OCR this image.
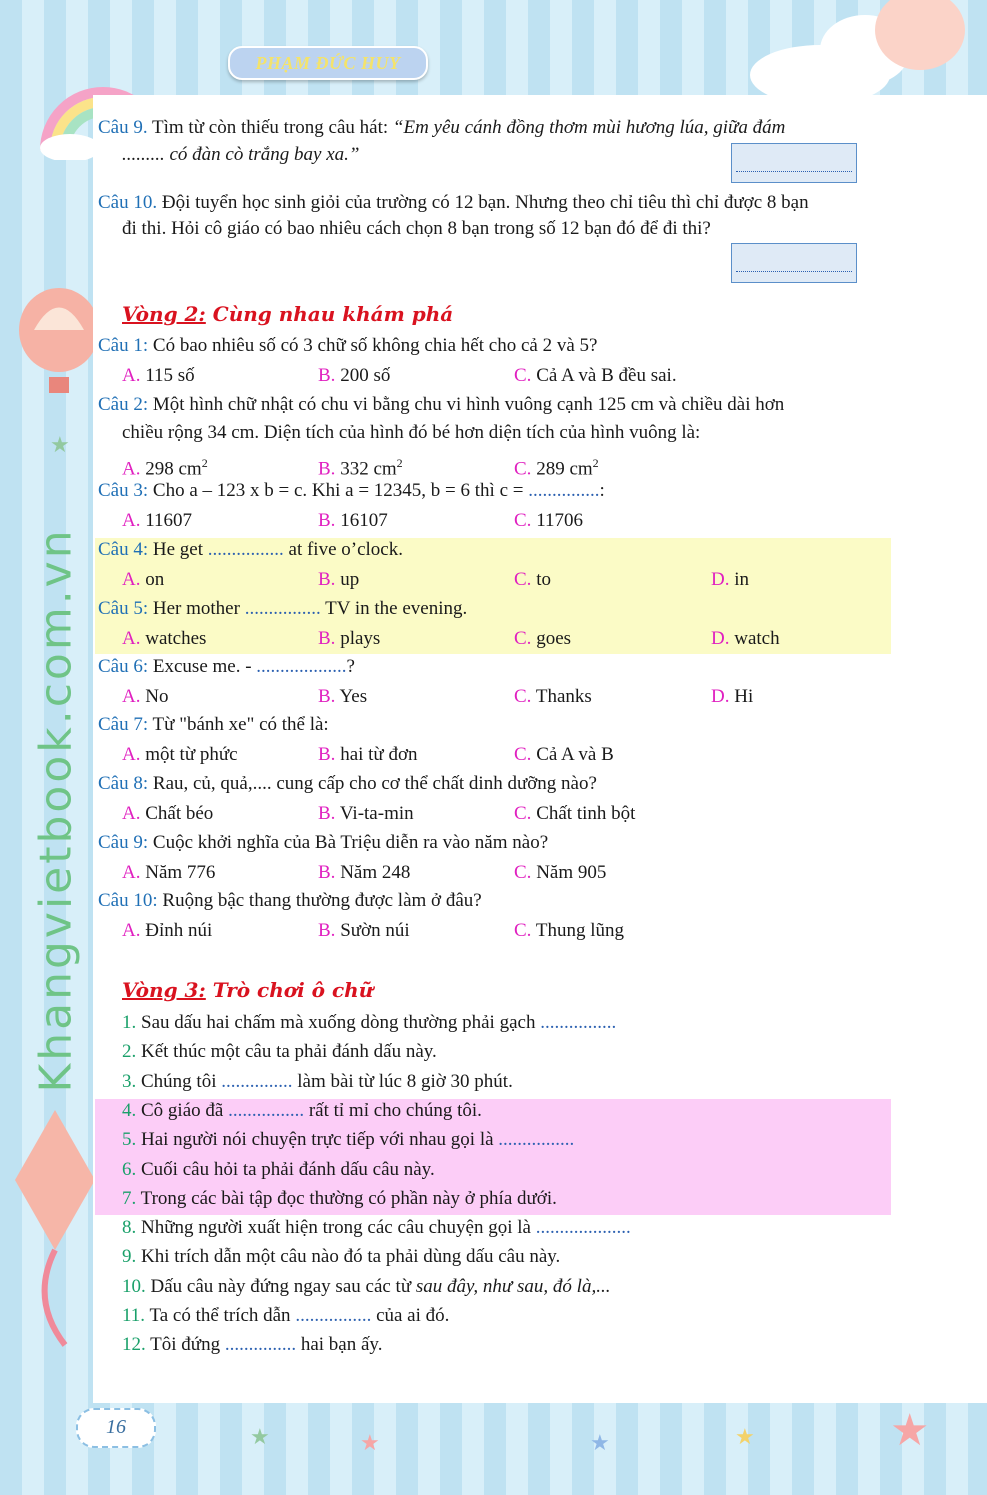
★
★	★	★	★	★
PHẠM ĐỨC HUY
Khangvietbook.com.vn
Câu 9. Tìm từ còn thiếu trong câu hát: “Em yêu cánh đồng thơm mùi hương lúa, giữa đám
......... có đàn cò trắng bay xa.”
Câu 10. Đội tuyển học sinh giỏi của trường có 12 bạn. Nhưng theo chỉ tiêu thì chỉ được 8 bạn
đi thi. Hỏi cô giáo có bao nhiêu cách chọn 8 bạn trong số 12 bạn đó để đi thi?
Vòng 2: Cùng nhau khám phá
Câu 1: Có bao nhiêu số có 3 chữ số không chia hết cho cả 2 và 5?
A. 115 số	B. 200 số	C. Cả A và B đều sai.
Câu 2: Một hình chữ nhật có chu vi bằng chu vi hình vuông cạnh 125 cm và chiều dài hơn
chiều rộng 34 cm. Diện tích của hình đó bé hơn diện tích của hình vuông là:
A. 298 $cm^2$	B. 332 $cm^2$	C. 289 $cm^2$
Câu 3: Cho a – 123 x b = c. Khi a = 12345, b = 6 thì c = ...............:
A. 11607	B. 16107	C. 11706
Câu 4: He get ................ at five o’clock.
A. on	B. up	C. to	D. in
Câu 5: Her mother ................ TV in the evening.
A. watches	B. plays	C. goes	D. watch
Câu 6: Excuse me. - ...................?
A. No	B. Yes	C. Thanks	D. Hi
Câu 7: Từ "bánh xe" có thể là:
A. một từ phức	B. hai từ đơn	C. Cả A và B
Câu 8: Rau, củ, quả,.... cung cấp cho cơ thể chất dinh dưỡng nào?
A. Chất béo	B. Vi-ta-min	C. Chất tinh bột
Câu 9: Cuộc khởi nghĩa của Bà Triệu diễn ra vào năm nào?
A. Năm 776	B. Năm 248	C. Năm 905
Câu 10: Ruộng bậc thang thường được làm ở đâu?
A. Đỉnh núi	B. Sườn núi	C. Thung lũng
Vòng 3: Trò chơi ô chữ
1. Sau dấu hai chấm mà xuống dòng thường phải gạch ................
2. Kết thúc một câu ta phải đánh dấu này.
3. Chúng tôi ............... làm bài từ lúc 8 giờ 30 phút.
4. Cô giáo đã ................ rất tỉ mỉ cho chúng tôi.
5. Hai người nói chuyện trực tiếp với nhau gọi là ................
6. Cuối câu hỏi ta phải đánh dấu câu này.
7. Trong các bài tập đọc thường có phần này ở phía dưới.
8. Những người xuất hiện trong các câu chuyện gọi là ....................
9. Khi trích dẫn một câu nào đó ta phải dùng dấu câu này.
10. Dấu câu này đứng ngay sau các từ sau đây, như sau, đó là,...
11. Ta có thể trích dẫn ................ của ai đó.
12. Tôi đứng ............... hai bạn ấy.
16
